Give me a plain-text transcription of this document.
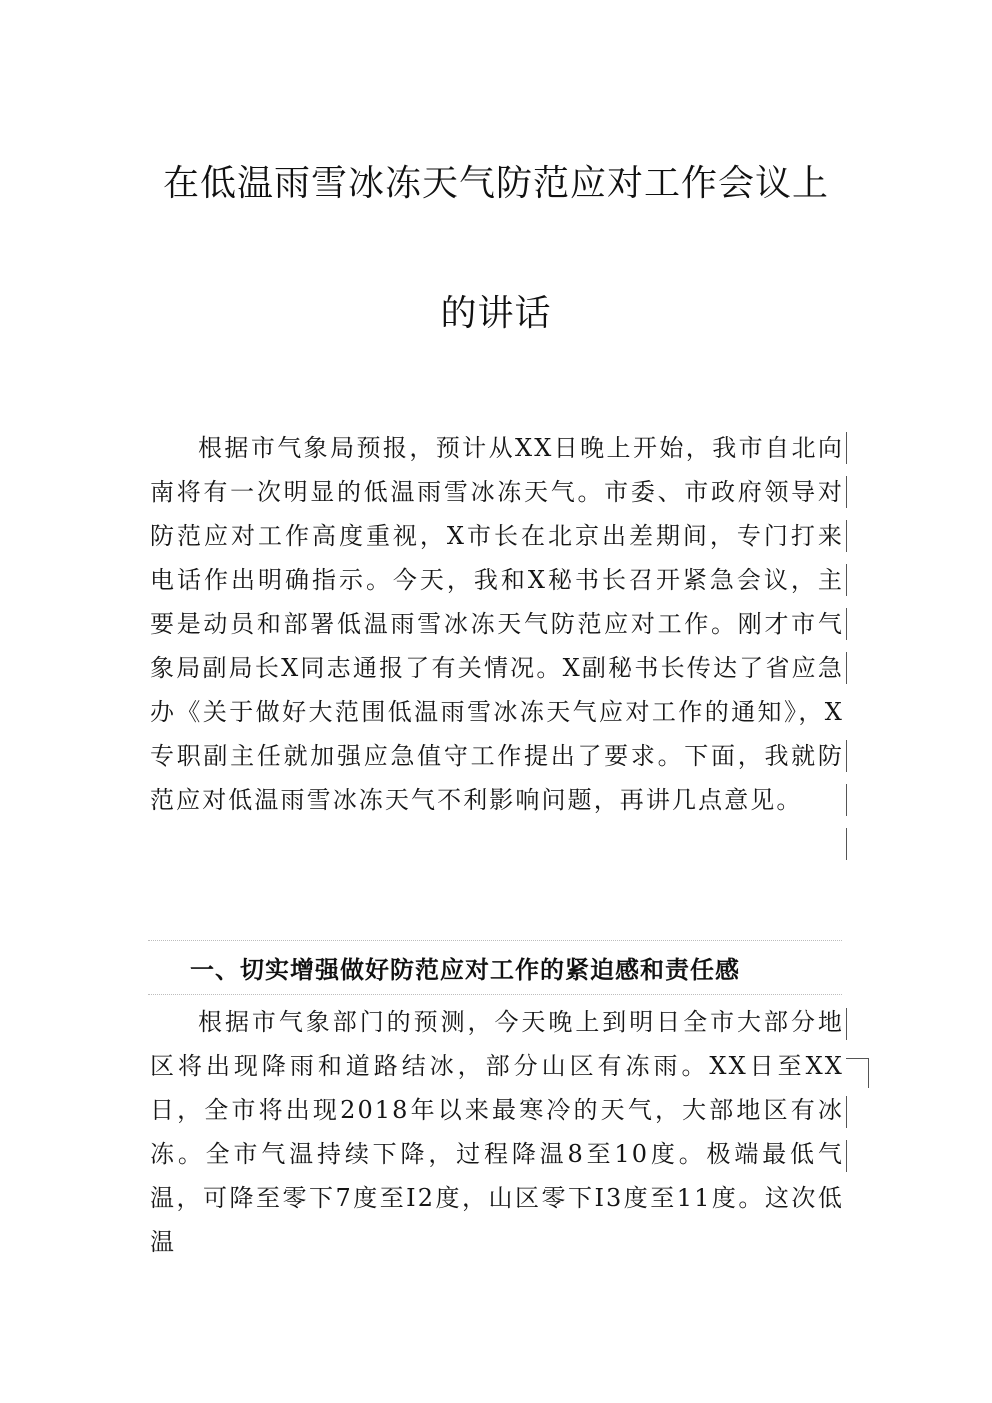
在低温雨雪冰冻天气防范应对工作会议上
的讲话
根据市气象局预报，预计从XX日晚上开始，我市自北向南将有一次明显的低温雨雪冰冻天气。市委、市政府领导对防范应对工作高度重视，X市长在北京出差期间，专门打来电话作出明确指示。今天，我和X秘书长召开紧急会议，主要是动员和部署低温雨雪冰冻天气防范应对工作。刚才市气象局副局长X同志通报了有关情况。X副秘书长传达了省应急办《关于做好大范围低温雨雪冰冻天气应对工作的通知》，X专职副主任就加强应急值守工作提出了要求。下面，我就防范应对低温雨雪冰冻天气不利影响问题，再讲几点意见。
一、切实增强做好防范应对工作的紧迫感和责任感
根据市气象部门的预测，今天晚上到明日全市大部分地区将出现降雨和道路结冰，部分山区有冻雨。XX日至XX日，全市将出现2018年以来最寒冷的天气，大部地区有冰冻。全市气温持续下降，过程降温8至10度。极端最低气温，可降至零下7度至I2度，山区零下I3度至11度。这次低温
